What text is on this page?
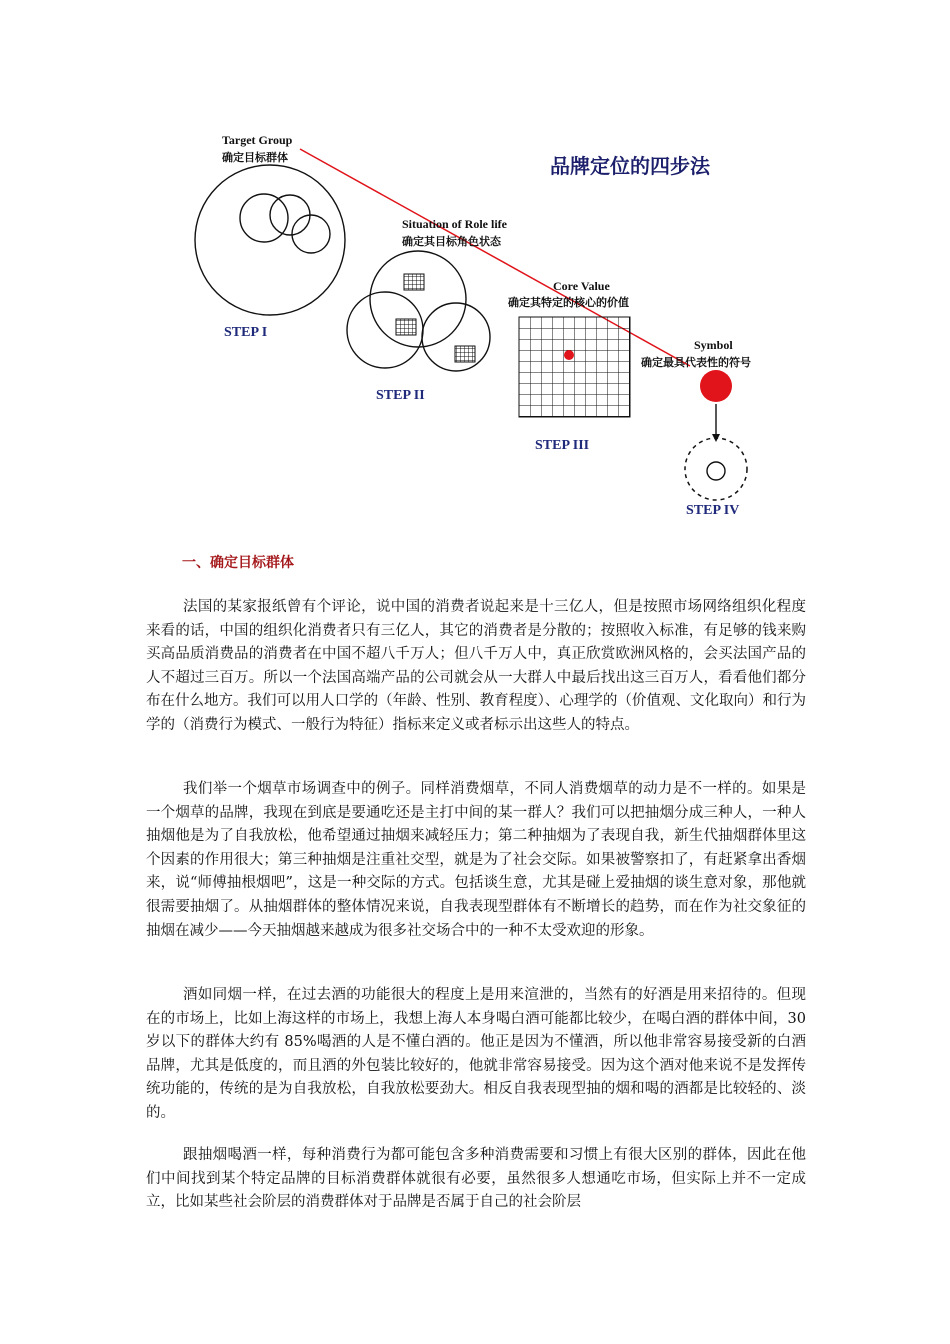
品牌定位的四步法
Target Group
确定目标群体
STEP I
Situation of Role life
确定其目标角色状态
STEP II
Core Value
确定其特定的核心的价值
STEP III
Symbol
确定最具代表性的符号
STEP IV
一、确定目标群体

法国的某家报纸曾有个评论，说中国的消费者说起来是十三亿人，但是按照市场网络组织化程度来看的话，中国的组织化消费者只有三亿人，其它的消费者是分散的；按照收入标准，有足够的钱来购买高品质消费品的消费者在中国不超八千万人；但八千万人中，真正欣赏欧洲风格的，会买法国产品的人不超过三百万。所以一个法国高端产品的公司就会从一大群人中最后找出这三百万人，看看他们都分布在什么地方。我们可以用人口学的（年龄、性别、教育程度）、心理学的（价值观、文化取向）和行为学的（消费行为模式、一般行为特征）指标来定义或者标示出这些人的特点。

我们举一个烟草市场调查中的例子。同样消费烟草，不同人消费烟草的动力是不一样的。如果是一个烟草的品牌，我现在到底是要通吃还是主打中间的某一群人？我们可以把抽烟分成三种人，一种人抽烟他是为了自我放松，他希望通过抽烟来减轻压力；第二种抽烟为了表现自我，新生代抽烟群体里这个因素的作用很大；第三种抽烟是注重社交型，就是为了社会交际。如果被警察扣了，有赶紧拿出香烟来，说“师傅抽根烟吧”，这是一种交际的方式。包括谈生意，尤其是碰上爱抽烟的谈生意对象，那他就很需要抽烟了。从抽烟群体的整体情况来说，自我表现型群体有不断增长的趋势，而在作为社交象征的抽烟在减少——今天抽烟越来越成为很多社交场合中的一种不太受欢迎的形象。

酒如同烟一样，在过去酒的功能很大的程度上是用来渲泄的，当然有的好酒是用来招待的。但现在的市场上，比如上海这样的市场上，我想上海人本身喝白酒可能都比较少，在喝白酒的群体中间，30 岁以下的群体大约有 85%喝酒的人是不懂白酒的。他正是因为不懂酒，所以他非常容易接受新的白酒品牌，尤其是低度的，而且酒的外包装比较好的，他就非常容易接受。因为这个酒对他来说不是发挥传统功能的，传统的是为自我放松，自我放松要劲大。相反自我表现型抽的烟和喝的酒都是比较轻的、淡的。

跟抽烟喝酒一样，每种消费行为都可能包含多种消费需要和习惯上有很大区别的群体，因此在他们中间找到某个特定品牌的目标消费群体就很有必要，虽然很多人想通吃市场，但实际上并不一定成立，比如某些社会阶层的消费群体对于品牌是否属于自己的社会阶层
